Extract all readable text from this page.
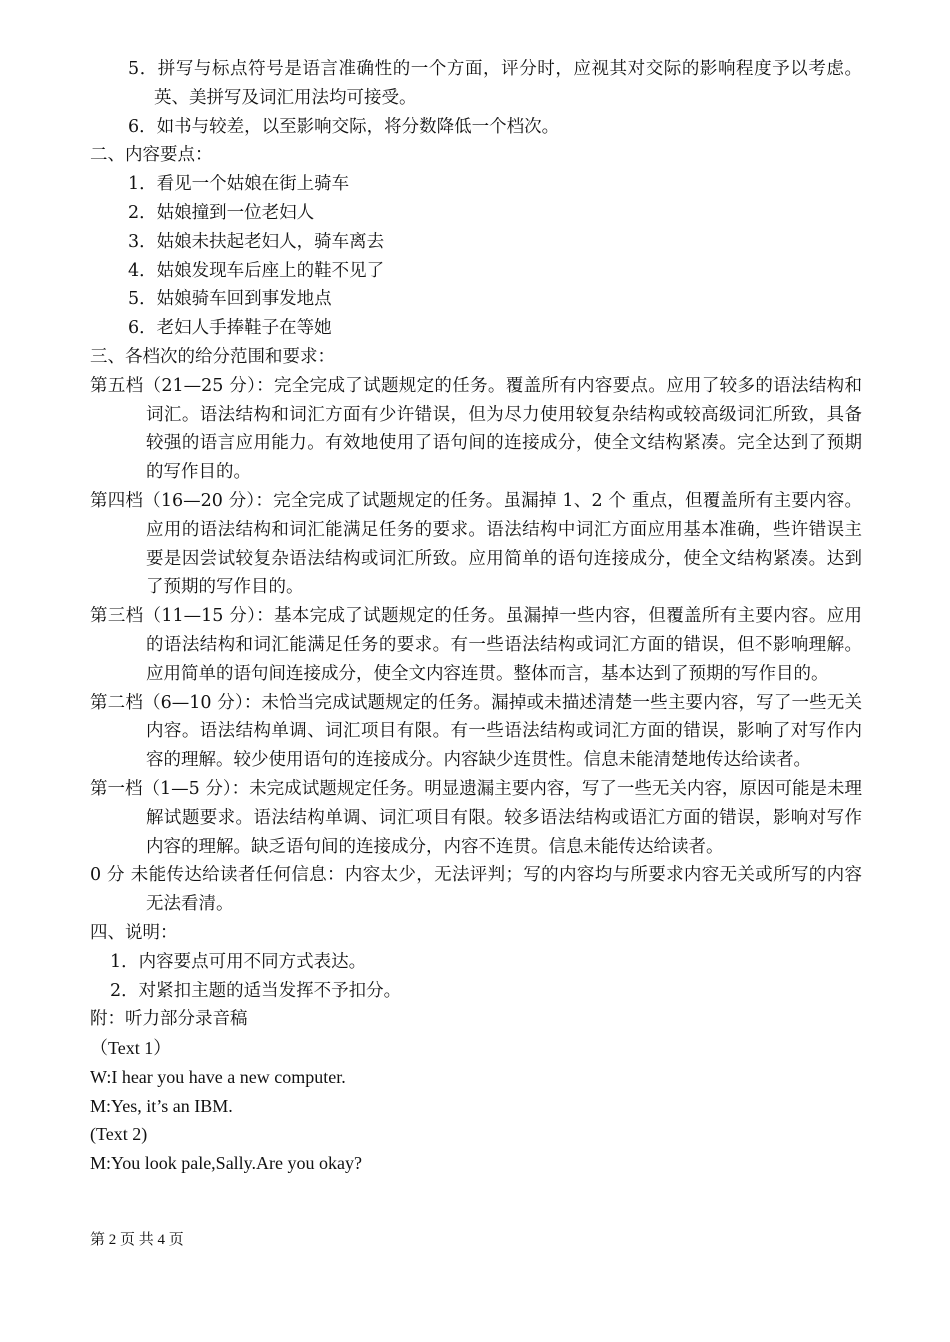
5．拼写与标点符号是语言准确性的一个方面，评分时，应视其对交际的影响程度予以考虑。英、美拼写及词汇用法均可接受。

6．如书与较差，以至影响交际，将分数降低一个档次。

二、内容要点：

1．看见一个姑娘在街上骑车

2．姑娘撞到一位老妇人

3．姑娘未扶起老妇人，骑车离去

4．姑娘发现车后座上的鞋不见了

5．姑娘骑车回到事发地点

6．老妇人手捧鞋子在等她

三、各档次的给分范围和要求：

第五档（21—25 分）：完全完成了试题规定的任务。覆盖所有内容要点。应用了较多的语法结构和词汇。语法结构和词汇方面有少许错误，但为尽力使用较复杂结构或较高级词汇所致，具备较强的语言应用能力。有效地使用了语句间的连接成分，使全文结构紧凑。完全达到了预期的写作目的。

第四档（16—20 分）：完全完成了试题规定的任务。虽漏掉 1、2 个 重点，但覆盖所有主要内容。应用的语法结构和词汇能满足任务的要求。语法结构中词汇方面应用基本准确，些许错误主要是因尝试较复杂语法结构或词汇所致。应用简单的语句连接成分，使全文结构紧凑。达到了预期的写作目的。

第三档（11—15 分）：基本完成了试题规定的任务。虽漏掉一些内容，但覆盖所有主要内容。应用的语法结构和词汇能满足任务的要求。有一些语法结构或词汇方面的错误，但不影响理解。应用简单的语句间连接成分，使全文内容连贯。整体而言，基本达到了预期的写作目的。

第二档（6—10 分）：未恰当完成试题规定的任务。漏掉或未描述清楚一些主要内容，写了一些无关内容。语法结构单调、词汇项目有限。有一些语法结构或词汇方面的错误，影响了对写作内容的理解。较少使用语句的连接成分。内容缺少连贯性。信息未能清楚地传达给读者。

第一档（1—5 分）：未完成试题规定任务。明显遗漏主要内容，写了一些无关内容，原因可能是未理解试题要求。语法结构单调、词汇项目有限。较多语法结构或语汇方面的错误，影响对写作内容的理解。缺乏语句间的连接成分，内容不连贯。信息未能传达给读者。

0 分 未能传达给读者任何信息：内容太少，无法评判；写的内容均与所要求内容无关或所写的内容无法看清。

四、说明：

1．内容要点可用不同方式表达。

2．对紧扣主题的适当发挥不予扣分。

附：听力部分录音稿

（Text 1）

W:I hear you have a new computer.

M:Yes, it’s an IBM.

(Text 2)

M:You look pale,Sally.Are you okay?

第 2 页 共 4 页
